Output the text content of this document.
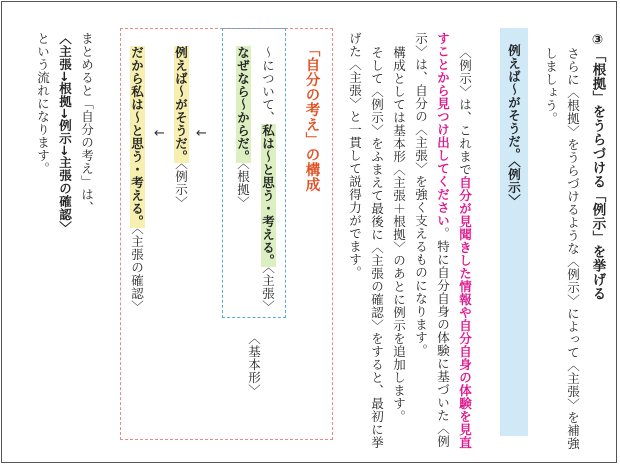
③「根拠」をうらづける「例示」を挙げる
さらに〈根拠〉をうらづけるような〈例示〉によって〈主張〉を補強
しましょう。
例えば〜がそうだ。〈例示〉
〈例示〉は、これまで自分が見聞きした情報や自分自身の体験を見直
すことから見つけ出してください。特に自分自身の体験に基づいた〈例
示〉は、自分の〈主張〉を強く支えるものになります。
構成としては基本形〈主張＋根拠〉のあとに例示を追加します。
そして〈例示〉をふまえて最後に〈主張の確認〉をすると、最初に挙
げた〈主張〉と一貫して説得力がでます。
「自分の考え」の構成
〜について、私は〜と思う・考える。〈主張〉
なぜなら〜からだ。〈根拠〉
〈基本形〉
←
例えば〜がそうだ。〈例示〉
←
だから私は〜と思う・考える。〈主張の確認〉
まとめると「自分の考え」は、
〈主張→根拠→例示→主張の確認〉
という流れになります。
